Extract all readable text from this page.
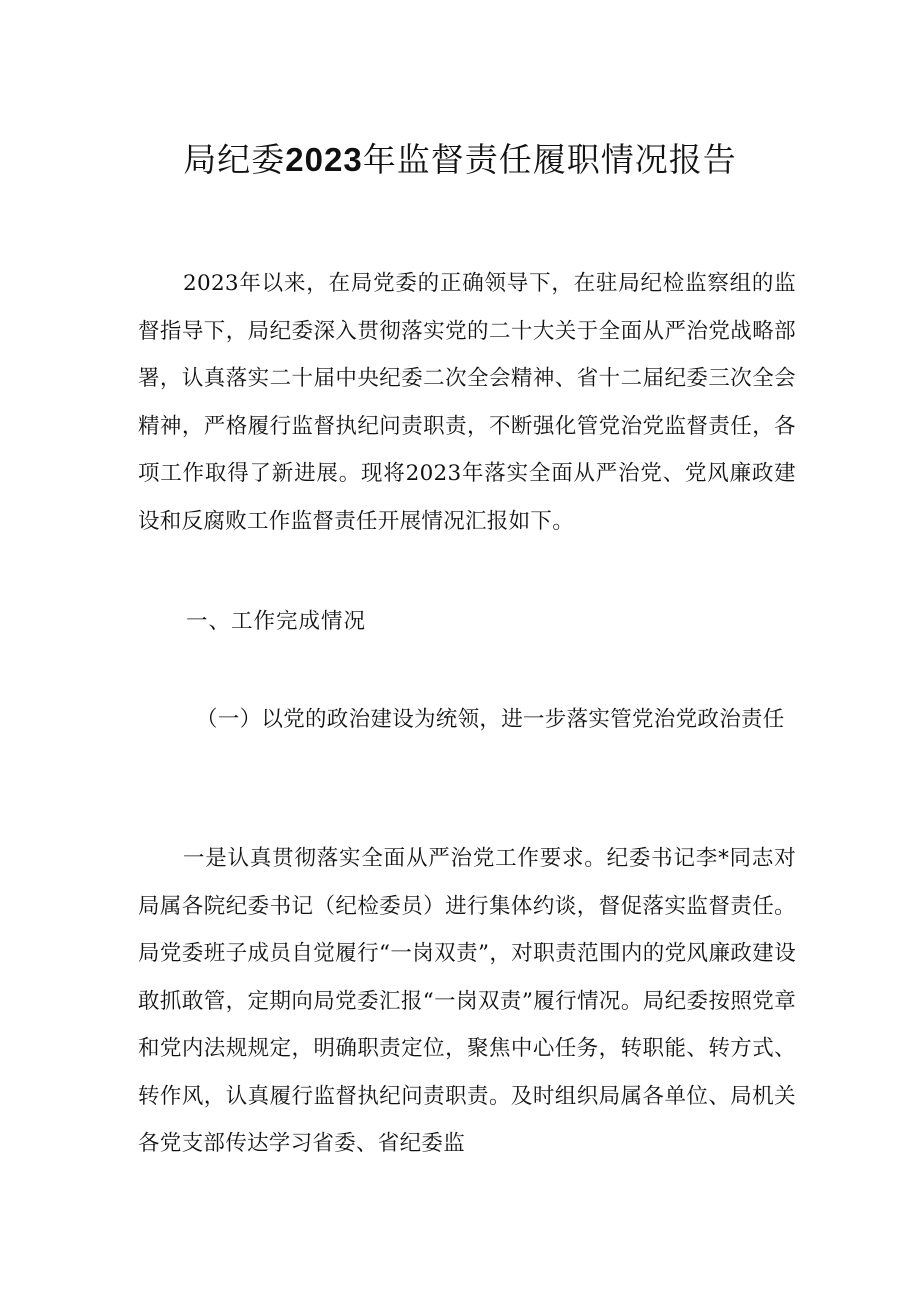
局纪委2023年监督责任履职情况报告
2023年以来，在局党委的正确领导下，在驻局纪检监察组的监督指导下，局纪委深入贯彻落实党的二十大关于全面从严治党战略部署，认真落实二十届中央纪委二次全会精神、省十二届纪委三次全会精神，严格履行监督执纪问责职责，不断强化管党治党监督责任，各项工作取得了新进展。现将2023年落实全面从严治党、党风廉政建设和反腐败工作监督责任开展情况汇报如下。
一、工作完成情况
（一）以党的政治建设为统领，进一步落实管党治党政治责任
一是认真贯彻落实全面从严治党工作要求。纪委书记李*同志对局属各院纪委书记（纪检委员）进行集体约谈，督促落实监督责任。局党委班子成员自觉履行“一岗双责”，对职责范围内的党风廉政建设敢抓敢管，定期向局党委汇报“一岗双责”履行情况。局纪委按照党章和党内法规规定，明确职责定位，聚焦中心任务，转职能、转方式、转作风，认真履行监督执纪问责职责。及时组织局属各单位、局机关各党支部传达学习省委、省纪委监
